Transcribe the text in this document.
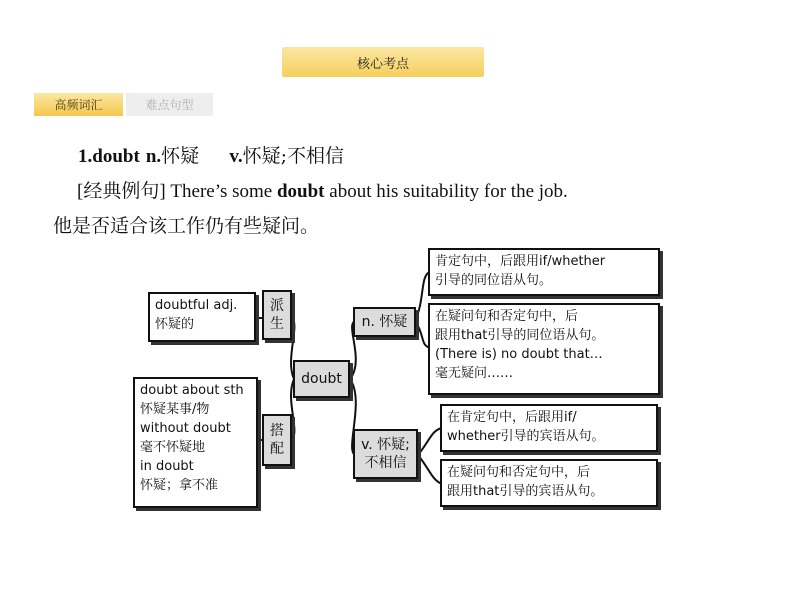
核心考点
高频词汇	难点句型
1.doubt n.怀疑 v.怀疑;不相信
[经典例句] There’s some doubt about his suitability for the job.
他是否适合该工作仍有些疑问。
doubtful adj.
怀疑的
派
生
doubt about sth
怀疑某事/物
without doubt
毫不怀疑地
in doubt
怀疑；拿不准
搭
配
doubt
n. 怀疑
v. 怀疑;
不相信
肯定句中，后跟用if/whether
引导的同位语从句。
在疑问句和否定句中，后
跟用that引导的同位语从句。
(There is) no doubt that…
毫无疑问……
在肯定句中，后跟用if/
whether引导的宾语从句。
在疑问句和否定句中，后
跟用that引导的宾语从句。
